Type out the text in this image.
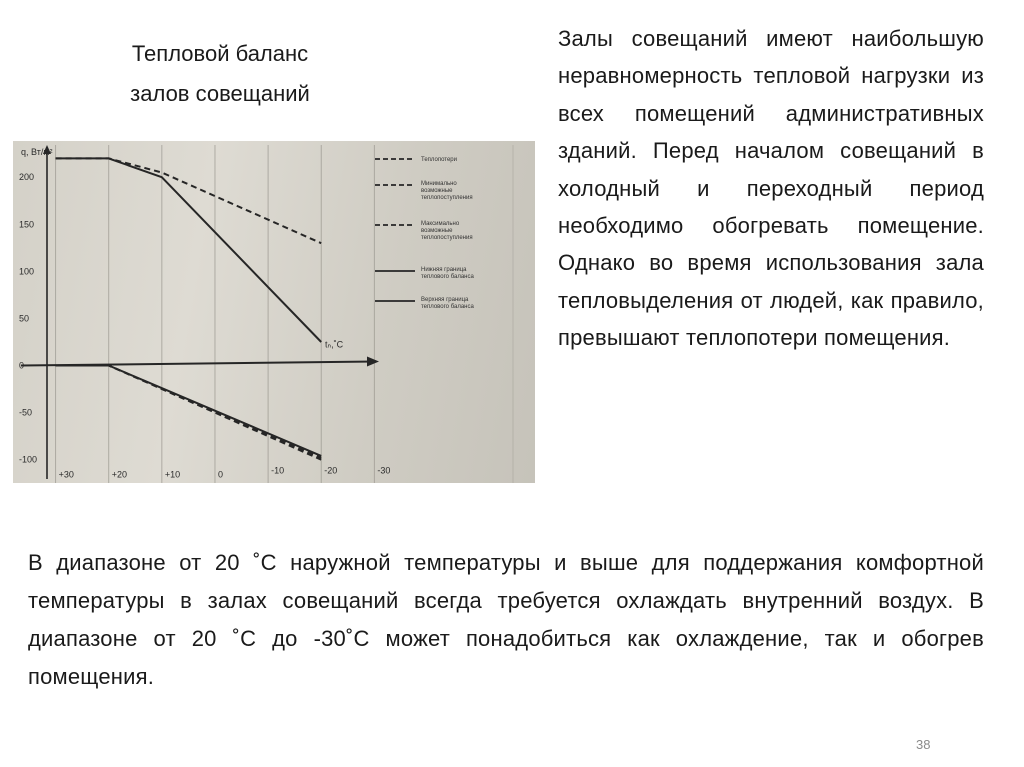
Тепловой баланс
залов совещаний
q, Вт/м²
tₙ,˚С
200
150
100
50
0
-50
-100
+30	+20	+10	0	-10	-20	-30
Теплопотери
Минимально
возможные
теплопоступления
Максимально
возможные
теплопоступления
Нижняя граница
теплового баланса
Верхняя граница
теплового баланса
Залы совещаний имеют наибольшую неравномерность тепловой нагрузки из всех помещений административных зданий. Перед началом совещаний в холодный и переходный период необходимо обогревать помещение. Однако во время использования зала тепловыделения от людей, как правило, превышают теплопотери помещения.
В диапазоне от 20 ˚С наружной температуры и выше для поддержания комфортной температуры в залах совещаний всегда требуется охлаждать внутренний воздух. В диапазоне от 20 ˚С до -30˚С может понадобиться как охлаждение, так и обогрев помещения.
38
